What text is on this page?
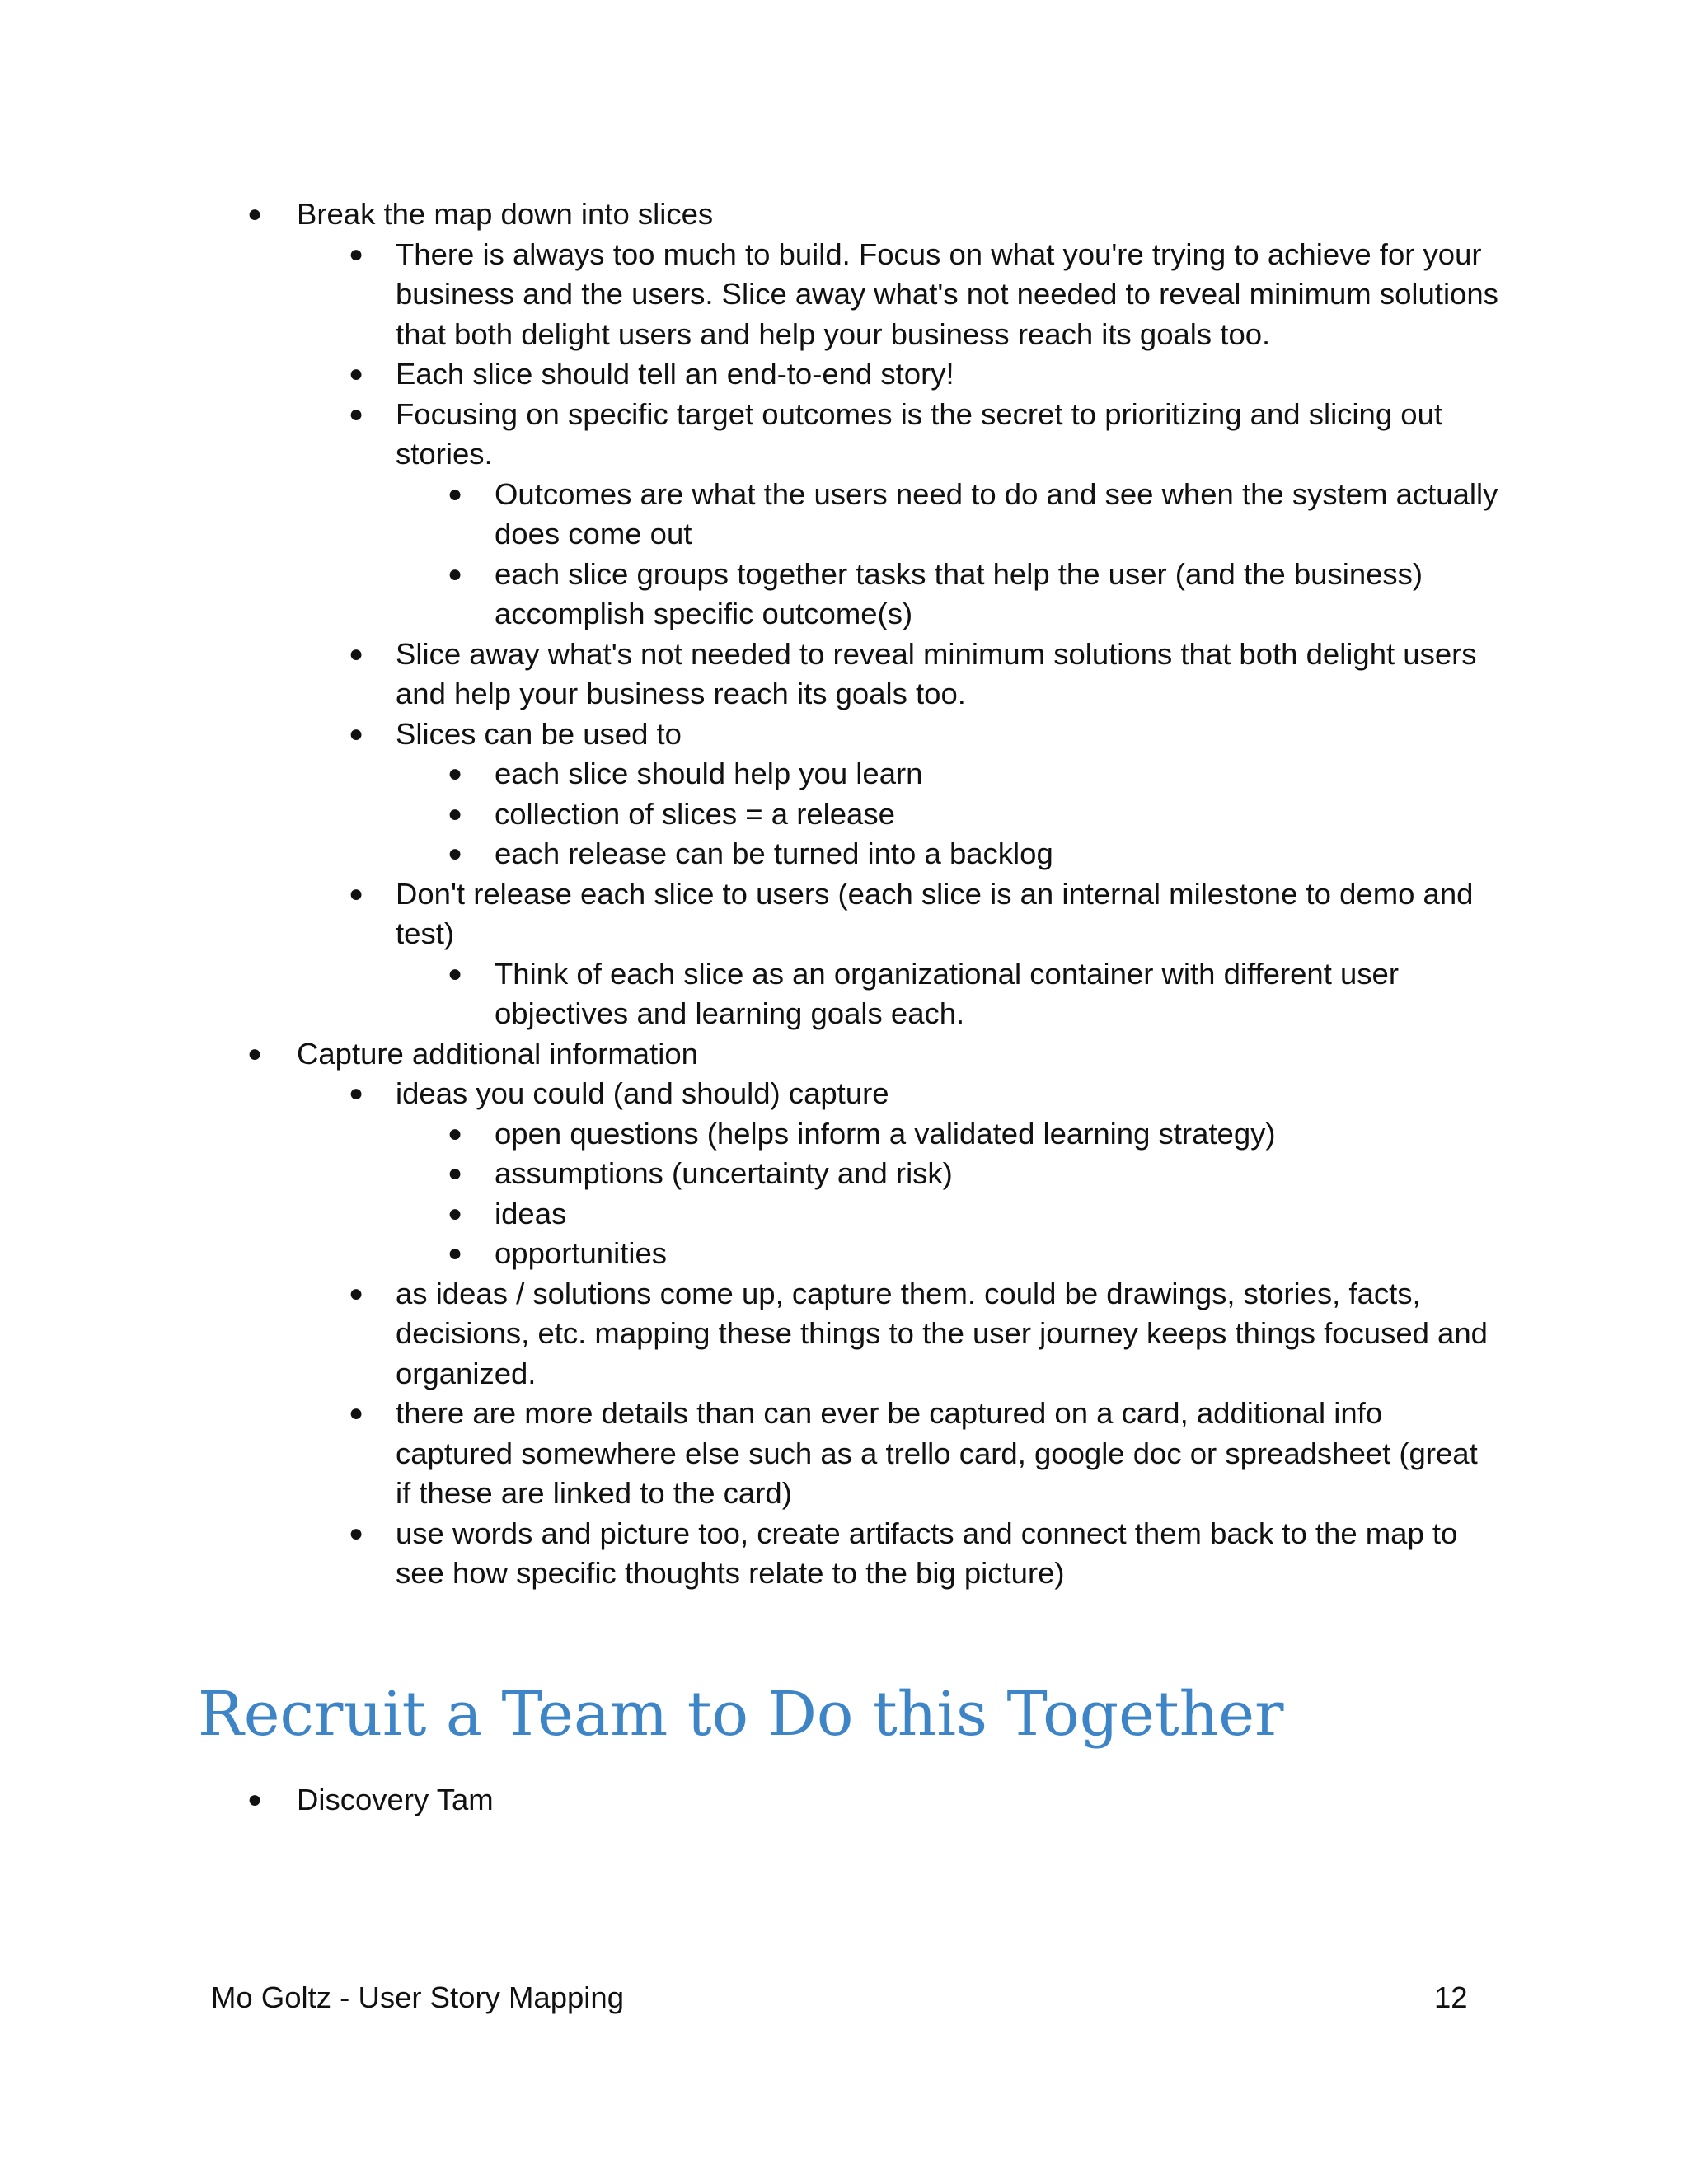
● Break the map down into slices
● There is always too much to build. Focus on what you're trying to achieve for your business and the users. Slice away what's not needed to reveal minimum solutions that both delight users and help your business reach its goals too.
● Each slice should tell an end-to-end story!
● Focusing on specific target outcomes is the secret to prioritizing and slicing out stories.
● Outcomes are what the users need to do and see when the system actually does come out
● each slice groups together tasks that help the user (and the business) accomplish specific outcome(s)
● Slice away what's not needed to reveal minimum solutions that both delight users and help your business reach its goals too.
● Slices can be used to
● each slice should help you learn
● collection of slices = a release
● each release can be turned into a backlog
● Don't release each slice to users (each slice is an internal milestone to demo and test)
● Think of each slice as an organizational container with different user objectives and learning goals each.
● Capture additional information
● ideas you could (and should) capture
● open questions (helps inform a validated learning strategy)
● assumptions (uncertainty and risk)
● ideas
● opportunities
● as ideas / solutions come up, capture them. could be drawings, stories, facts, decisions, etc. mapping these things to the user journey keeps things focused and organized.
● there are more details than can ever be captured on a card, additional info captured somewhere else such as a trello card, google doc or spreadsheet (great if these are linked to the card)
● use words and picture too, create artifacts and connect them back to the map to see how specific thoughts relate to the big picture)
Recruit a Team to Do this Together
● Discovery Tam
Mo Goltz - User Story Mapping	12
